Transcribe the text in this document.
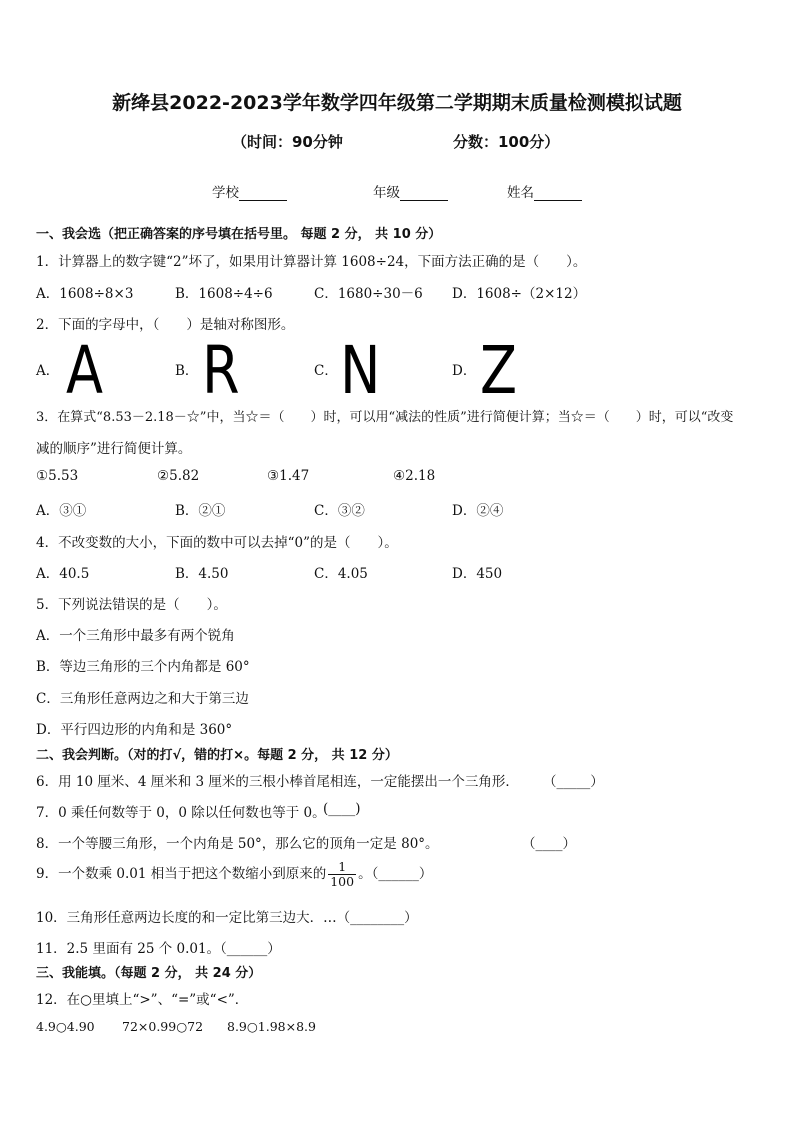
新绛县2022-2023学年数学四年级第二学期期末质量检测模拟试题
（时间：90分钟	分数：100分）
学校	年级	姓名
一、我会选（把正确答案的序号填在括号里。 每题 2 分， 共 10 分）
1．计算器上的数字键“2”坏了，如果用计算器计算 1608÷24，下面方法正确的是（　　）。
A．1608÷8×3	B．1608÷4÷6	C．1680÷30－6 D．1608÷（2×12）
2．下面的字母中，（　　）是轴对称图形。
A． A	B． R	C． N	D． Z
3．在算式“8.53－2.18－☆”中，当☆＝（　　）时，可以用“减法的性质”进行简便计算；当☆＝（　　）时，可以“改变
减的顺序”进行简便计算。
①5.53	②5.82	③1.47	④2.18
A．③①	B．②①	C．③②	D．②④
4．不改变数的大小，下面的数中可以去掉“0”的是（　　）。
A．40.5	B．4.50	C．4.05	D．450
5．下列说法错误的是（　　）。
A．一个三角形中最多有两个锐角
B．等边三角形的三个内角都是 60°
C．三角形任意两边之和大于第三边
D．平行四边形的内角和是 360°
二、我会判断。（对的打√，错的打×。每题 2 分， 共 12 分）
6．用 10 厘米、4 厘米和 3 厘米的三根小棒首尾相连，一定能摆出一个三角形． （_____）
7．0 乘任何数等于 0，0 除以任何数也等于 0。
(____)
8．一个等腰三角形，一个内角是 50°，那么它的顶角一定是 80°。	（____）
9．一个数乘 0.01 相当于把这个数缩小到原来的 $\frac{1}{100}$ 。（______）
10．三角形任意两边长度的和一定比第三边大．…（________）
11．2.5 里面有 25 个 0.01。（______）
三、我能填。（每题 2 分， 共 24 分）
12．在○里填上“>”、“=”或“<”．
4.9○4.90 72×0.99○72 8.9○1.98×8.9
